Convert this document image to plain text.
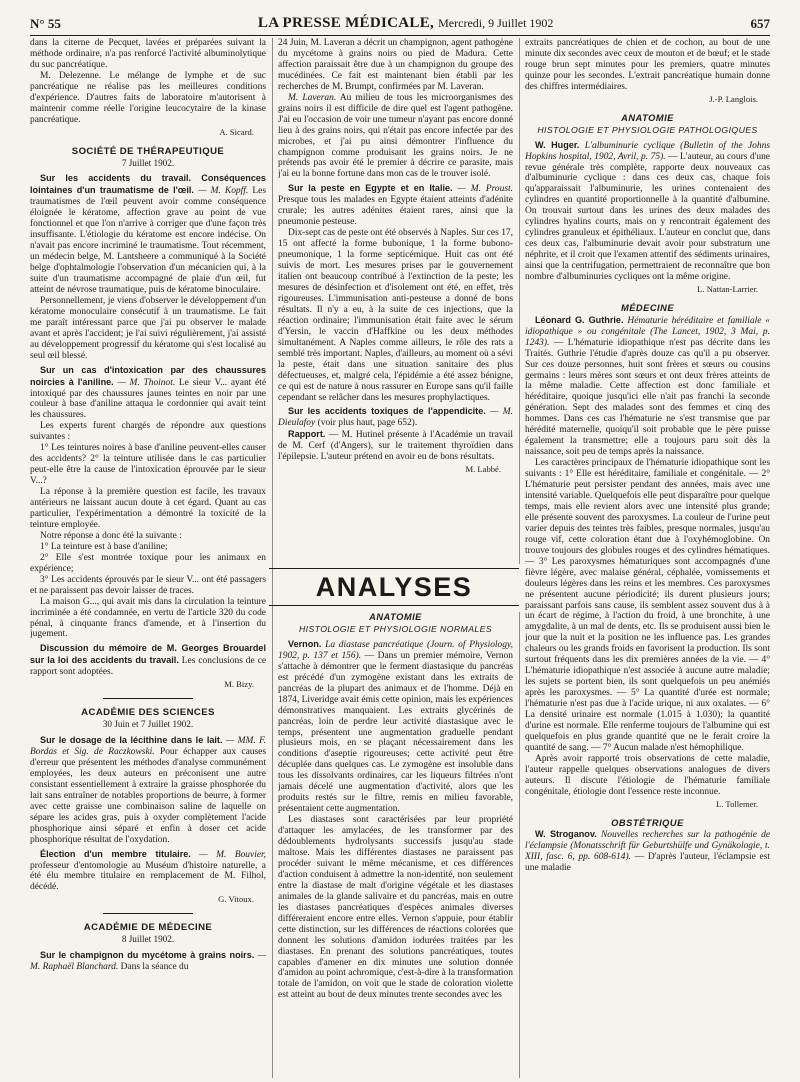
N° 55	LA PRESSE MÉDICALE, Mercredi, 9 Juillet 1902	657

dans la citerne de Pecquet, lavées et préparées suivant la méthode ordinaire, n'a pas renforcé l'activité albuminolytique du suc pancréatique.

M. Delezenne. Le mélange de lymphe et de suc pancréatique ne réalise pas les meilleures conditions d'expérience. D'autres faits de laboratoire m'autorisent à maintenir comme réelle l'origine leucocytaire de la kinase pancréatique.

A. Sicard.

SOCIÉTÉ DE THÉRAPEUTIQUE
7 Juillet 1902.

Sur les accidents du travail. Conséquences lointaines d'un traumatisme de l'œil. — M. Kopff. Les traumatismes de l'œil peuvent avoir comme conséquence éloignée le kératome, affection grave au point de vue fonctionnel et que l'on n'arrive à corriger que d'une façon très insuffisante. L'étiologie du kératome est encore indécise. On n'avait pas encore incriminé le traumatisme. Tout récemment, un médecin belge, M. Lantsheere a communiqué à la Société belge d'ophtalmologie l'observation d'un mécanicien qui, à la suite d'un traumatisme accompagné de plaie d'un œil, fut atteint de névrose traumatique, puis de kératome binoculaire.

Personnellement, je viens d'observer le développement d'un kératome monoculaire consécutif à un traumatisme. Le fait me paraît intéressant parce que j'ai pu observer le malade avant et après l'accident; je l'ai suivi régulièrement, j'ai assisté au développement progressif du kératome qui s'est localisé au seul œil blessé.

Sur un cas d'intoxication par des chaussures noircies à l'aniline. — M. Thoinot. Le sieur V... ayant été intoxiqué par des chaussures jaunes teintes en noir par une couleur à base d'aniline attaqua le cordonnier qui avait teint les chaussures.

Les experts furent chargés de répondre aux questions suivantes :

1° Les teintures noires à base d'aniline peuvent-elles causer des accidents? 2° la teinture utilisée dans le cas particulier peut-elle être la cause de l'intoxication éprouvée par le sieur V...?

La réponse à la première question est facile, les travaux antérieurs ne laissant aucun doute à cet égard. Quant au cas particulier, l'expérimentation a démontré la toxicité de la teinture employée.

Notre réponse a donc été la suivante :

1° La teinture est à base d'aniline;

2° Elle s'est montrée toxique pour les animaux en expérience;

3° Les accidents éprouvés par le sieur V... ont été passagers et ne paraissent pas devoir laisser de traces.

La maison G..., qui avait mis dans la circulation la teinture incriminée a été condamnée, en vertu de l'article 320 du code pénal, à cinquante francs d'amende, et à l'insertion du jugement.

Discussion du mémoire de M. Georges Brouardel sur la loi des accidents du travail. Les conclusions de ce rapport sont adoptées.

M. Bizy.

ACADÉMIE DES SCIENCES
30 Juin et 7 Juillet 1902.

Sur le dosage de la lécithine dans le lait. — MM. F. Bordas et Sig. de Raczkowski. Pour échapper aux causes d'erreur que présentent les méthodes d'analyse communément employées, les deux auteurs en préconisent une autre consistant essentiellement à extraire la graisse phosphorée du lait sans entraîner de notables proportions de beurre, à former avec cette graisse une combinaison saline de laquelle on sépare les acides gras, puis à oxyder complètement l'acide phosphorique ainsi séparé et enfin à doser cet acide phosphorique résultat de l'oxydation.

Élection d'un membre titulaire. — M. Bouvier, professeur d'entomologie au Muséum d'histoire naturelle, a été élu membre titulaire en remplacement de M. Filhol, décédé.

G. Vitoux.

ACADÉMIE DE MÉDECINE
8 Juillet 1902.

Sur le champignon du mycétome à grains noirs. — M. Raphaël Blanchard. Dans la séance du

24 Juin, M. Laveran a décrit un champignon, agent pathogène du mycétome à grains noirs ou pied de Madura. Cette affection paraissait être due à un champignon du groupe des mucédinées. Ce fait est maintenant bien établi par les recherches de M. Brumpt, confirmées par M. Laveran.

M. Laveran. Au milieu de tous les microorganismes des grains noirs il est difficile de dire quel est l'agent pathogène. J'ai eu l'occasion de voir une tumeur n'ayant pas encore donné lieu à des grains noirs, qui n'était pas encore infectée par des microbes, et j'ai pu ainsi démontrer l'influence du champignon comme produisant les grains noirs. Je ne prétends pas avoir été le premier à décrire ce parasite, mais j'ai eu la bonne fortune dans mon cas de le trouver isolé.

Sur la peste en Egypte et en Italie. — M. Proust. Presque tous les malades en Egypte étaient atteints d'adénite crurale; les autres adénites étaient rares, ainsi que la pneumonie pesteuse.

Dix-sept cas de peste ont été observés à Naples. Sur ces 17, 15 ont affecté la forme bubonique, 1 la forme bubono-pneumonique, 1 la forme septicémique. Huit cas ont été suivis de mort. Les mesures prises par le gouvernement italien ont beaucoup contribué à l'extinction de la peste; les mesures de désinfection et d'isolement ont été, en effet, très rigoureuses. L'immunisation anti-pesteuse a donné de bons résultats. Il n'y a eu, à la suite de ces injections, que la réaction ordinaire; l'immunisation était faite avec le sérum d'Yersin, le vaccin d'Haffkine ou les deux méthodes simultanément. A Naples comme ailleurs, le rôle des rats a semblé très important. Naples, d'ailleurs, au moment où a sévi la peste, était dans une situation sanitaire des plus défectueuses, et, malgré cela, l'épidémie a été assez bénigne, ce qui est de nature à nous rassurer en Europe sans qu'il faille cependant se relâcher dans les mesures prophylactiques.

Sur les accidents toxiques de l'appendicite. — M. Dieulafoy (voir plus haut, page 652).

Rapport. — M. Hutinel présente à l'Académie un travail de M. Cerf (d'Angers), sur le traitement thyroïdien dans l'épilepsie. L'auteur prétend en avoir eu de bons résultats.

M. Labbé.

ANALYSES
ANATOMIE
HISTOLOGIE ET PHYSIOLOGIE NORMALES

Vernon. La diastase pancréatique (Journ. of Physiology, 1902, p. 137 et 156). — Dans un premier mémoire, Vernon s'attache à démontrer que le ferment diastasique du pancréas est précédé d'un zymogène existant dans les extraits de pancréas de la plupart des animaux et de l'homme. Déjà en 1874, Liveridge avait émis cette opinion, mais les expériences démonstratives manquaient. Les extraits glycérinés de pancréas, loin de perdre leur activité diastasique avec le temps, présentent une augmentation graduelle pendant plusieurs mois, en se plaçant nécessairement dans les conditions d'aseptie rigoureuses; cette activité peut être décuplée dans quelques cas. Le zymogène est insoluble dans tous les dissolvants ordinaires, car les liqueurs filtrées n'ont jamais décelé une augmentation d'activité, alors que les produits restés sur le filtre, remis en milieu favorable, présentaient cette augmentation.

Les diastases sont caractérisées par leur propriété d'attaquer les amylacées, de les transformer par des dédoublements hydrolysants successifs jusqu'au stade maltose. Mais les différentes diastases ne paraissent pas procéder suivant le même mécanisme, et ces différences d'action conduisent à admettre la non-identité, non seulement entre la diastase de malt d'origine végétale et les diastases animales de la glande salivaire et du pancréas, mais en outre les diastases pancréatiques d'espèces animales diverses différeraient encore entre elles. Vernon s'appuie, pour établir cette distinction, sur les différences de réactions colorées que donnent les solutions d'amidon iodurées traitées par les diastases. En prenant des solutions pancréatiques, toutes capables d'amener en dix minutes une solution donnée d'amidon au point achromique, c'est-à-dire à la transformation totale de l'amidon, on voit que le stade de coloration violette est atteint au bout de deux minutes trente secondes avec les

extraits pancréatiques de chien et de cochon, au bout de une minute dix secondes avec ceux de mouton et de bœuf; et le stade rouge brun sept minutes pour les premiers, quatre minutes quinze pour les secondes. L'extrait pancréatique humain donne des chiffres intermédiaires.

J.-P. Langlois.

ANATOMIE
HISTOLOGIE ET PHYSIOLOGIE PATHOLOGIQUES

W. Huger. L'albuminurie cyclique (Bulletin of the Johns Hopkins hospital, 1902, Avril, p. 75). — L'auteur, au cours d'une revue générale très complète, rapporte deux nouveaux cas d'albuminurie cyclique : dans ces deux cas, chaque fois qu'apparaissait l'albuminurie, les urines contenaient des cylindres en quantité proportionnelle à la quantité d'albumine. On trouvait surtout dans les urines des deux malades des cylindres hyalins courts, mais on y rencontrait également des cylindres granuleux et épithéliaux. L'auteur en conclut que, dans ces deux cas, l'albuminurie devait avoir pour substratum une néphrite, et il croit que l'examen attentif des sédiments urinaires, ainsi que la centrifugation, permettraient de reconnaître que bon nombre d'albuminuries cycliques ont la même origine.

L. Nattan-Larrier.

MÉDECINE

Léonard G. Guthrie. Hématurie héréditaire et familiale « idiopathique » ou congénitale (The Lancet, 1902, 3 Mai, p. 1243). — L'hématurie idiopathique n'est pas décrite dans les Traités. Guthrie l'étudie d'après douze cas qu'il a pu observer. Sur ces douze personnes, huit sont frères et sœurs ou cousins germains : leurs mères sont sœurs et ont deux frères atteints de la même maladie. Cette affection est donc familiale et héréditaire, quoique jusqu'ici elle n'ait pas franchi la seconde génération. Sept des malades sont des femmes et cinq des hommes. Dans ces cas l'hématurie ne s'est transmise que par hérédité maternelle, quoiqu'il soit probable que le père puisse également la transmettre; elle a toujours paru soit dès la naissance, soit peu de temps après la naissance.

Les caractères principaux de l'hématurie idiopathique sont les suivants : 1° Elle est héréditaire, familiale et congénitale. — 2° L'hématurie peut persister pendant des années, mais avec une intensité variable. Quelquefois elle peut disparaître pour quelque temps, mais elle revient alors avec une intensité plus grande; elle présente souvent des paroxysmes. La couleur de l'urine peut varier depuis des teintes très faibles, presque normales, jusqu'au rouge vif, cette coloration étant due à l'oxyhémoglobine. On trouve toujours des globules rouges et des cylindres hématiques. — 3° Les paroxysmes hématuriques sont accompagnés d'une fièvre légère, avec malaise général, céphalée, vomissements et douleurs légères dans les reins et les membres. Ces paroxysmes ne présentent aucune périodicité; ils durent plusieurs jours; paraissant parfois sans cause, ils semblent assez souvent dus à à un écart de régime, à l'action du froid, à une bronchite, à une amygdalite, à un mal de dents, etc. Ils se produisent aussi bien le jour que la nuit et la position ne les influence pas. Les grandes chaleurs ou les grands froids en favorisent la production. Ils sont surtout fréquents dans les dix premières années de la vie. — 4° L'hématurie idiopathique n'est associée à aucune autre maladie; les sujets se portent bien, ils sont quelquefois un peu anémiés après les paroxysmes. — 5° La quantité d'urée est normale; l'hématurie n'est pas due à l'acide urique, ni aux oxalates. — 6° La densité urinaire est normale (1.015 à 1.030); la quantité d'urine est normale. Elle renferme toujours de l'albumine qui est quelquefois en plus grande quantité que ne le ferait croire la quantité de sang. — 7° Aucun malade n'est hémophilique.

Après avoir rapporté trois observations de cette maladie, l'auteur rappelle quelques observations analogues de divers auteurs. Il discute l'étiologie de l'hématurie familiale congénitale, étiologie dont l'essence reste inconnue.

L. Tollemer.

OBSTÉTRIQUE

W. Stroganov. Nouvelles recherches sur la pathogénie de l'éclampsie (Monatsschrift für Geburtshülfe und Gynäkologie, t. XIII, fasc. 6, pp. 608-614). — D'après l'auteur, l'éclampsie est une maladie
